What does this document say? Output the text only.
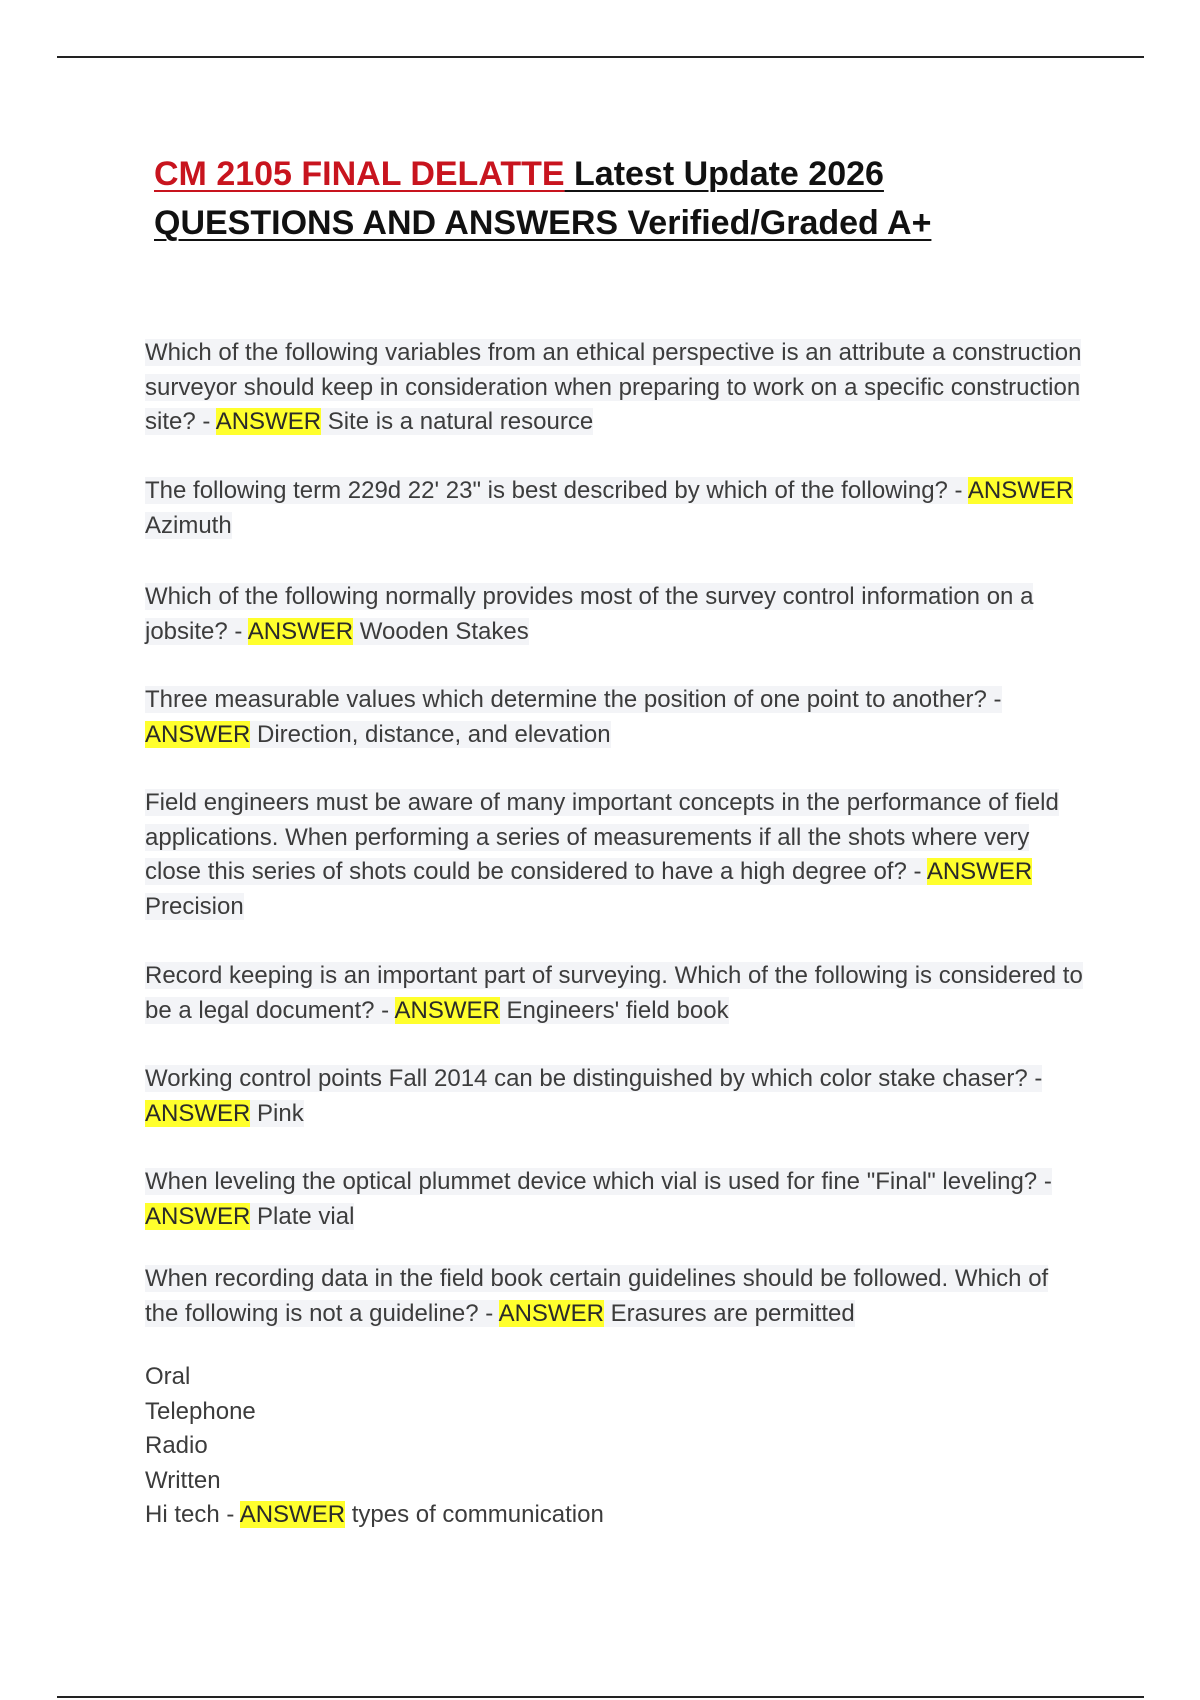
CM 2105 FINAL DELATTE Latest Update 2026
QUESTIONS AND ANSWERS Verified/Graded A+

Which of the following variables from an ethical perspective is an attribute a construction surveyor should keep in consideration when preparing to work on a specific construction site? - ANSWER Site is a natural resource

The following term 229d 22' 23" is best described by which of the following? - ANSWER Azimuth

Which of the following normally provides most of the survey control information on a jobsite? - ANSWER Wooden Stakes

Three measurable values which determine the position of one point to another? - ANSWER Direction, distance, and elevation

Field engineers must be aware of many important concepts in the performance of field applications. When performing a series of measurements if all the shots where very close this series of shots could be considered to have a high degree of? - ANSWER Precision

Record keeping is an important part of surveying. Which of the following is considered to be a legal document? - ANSWER Engineers' field book

Working control points Fall 2014 can be distinguished by which color stake chaser? - ANSWER Pink

When leveling the optical plummet device which vial is used for fine "Final" leveling? - ANSWER Plate vial

When recording data in the field book certain guidelines should be followed. Which of the following is not a guideline? - ANSWER Erasures are permitted

Oral
Telephone
Radio
Written
Hi tech - ANSWER types of communication
